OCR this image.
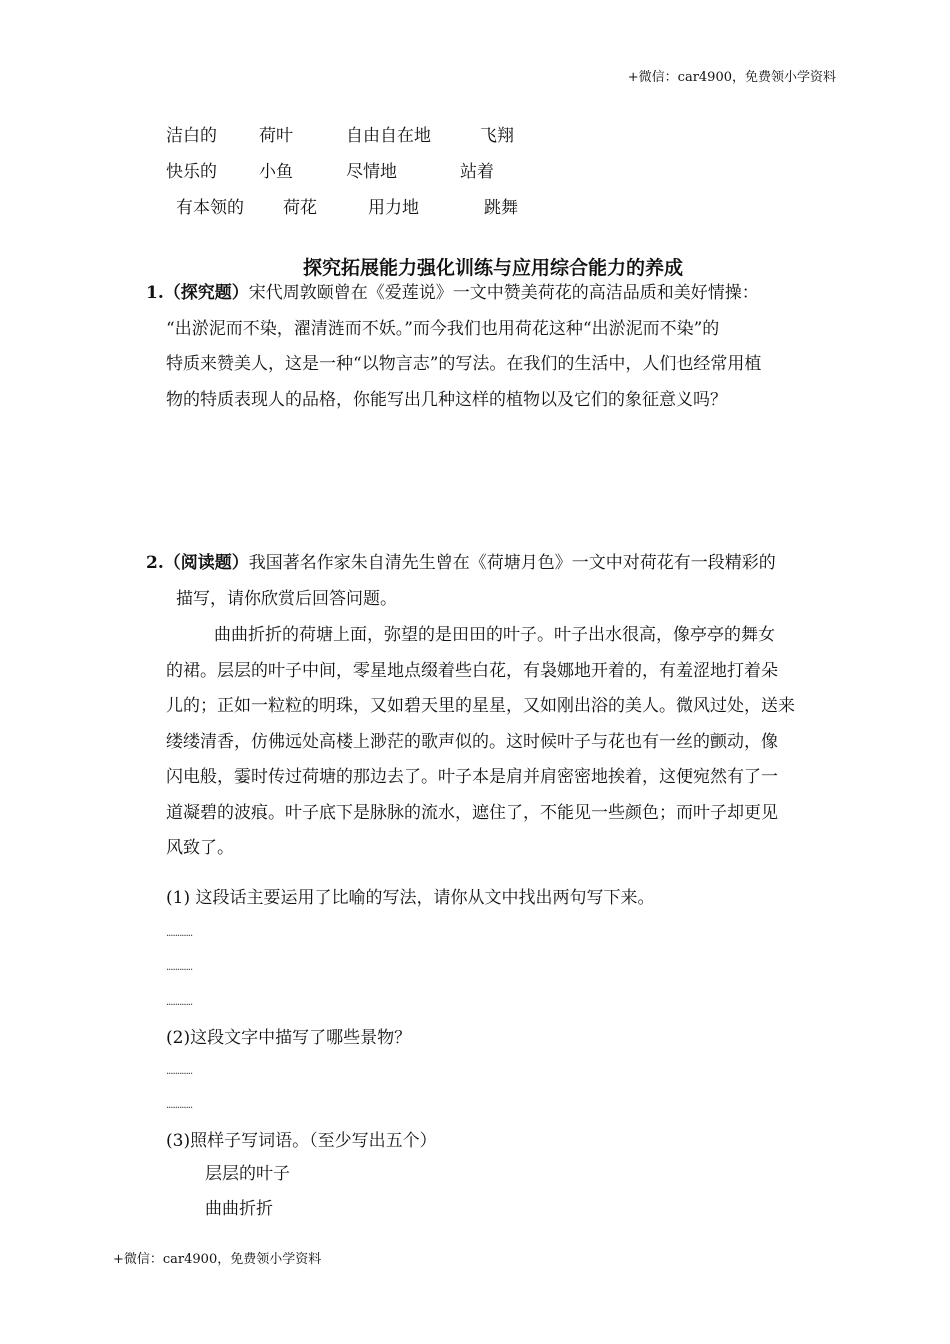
+微信：car4900，免费领小学资料
洁白的 荷叶	自由自在地	飞翔
快乐的 小鱼	尽情地	站着
有本领的 荷花	用力地	跳舞
探究拓展能力强化训练与应用综合能力的养成
1.（探究题）宋代周敦颐曾在《爱莲说》一文中赞美荷花的高洁品质和美好情操：
“出淤泥而不染，濯清涟而不妖。”而今我们也用荷花这种“出淤泥而不染”的
特质来赞美人，这是一种“以物言志”的写法。在我们的生活中，人们也经常用植
物的特质表现人的品格，你能写出几种这样的植物以及它们的象征意义吗？
2.（阅读题）我国著名作家朱自清先生曾在《荷塘月色》一文中对荷花有一段精彩的
描写，请你欣赏后回答问题。
曲曲折折的荷塘上面，弥望的是田田的叶子。叶子出水很高，像亭亭的舞女
的裙。层层的叶子中间，零星地点缀着些白花，有袅娜地开着的，有羞涩地打着朵
儿的；正如一粒粒的明珠，又如碧天里的星星，又如刚出浴的美人。微风过处，送来
缕缕清香，仿佛远处高楼上渺茫的歌声似的。这时候叶子与花也有一丝的颤动，像
闪电般，霎时传过荷塘的那边去了。叶子本是肩并肩密密地挨着，这便宛然有了一
道凝碧的波痕。叶子底下是脉脉的流水，遮住了，不能见一些颜色；而叶子却更见
风致了。
(1) 这段话主要运用了比喻的写法，请你从文中找出两句写下来。
............
............
............
(2)这段文字中描写了哪些景物？
............
............
(3)照样子写词语。（至少写出五个）
层层的叶子
曲曲折折
+微信：car4900，免费领小学资料
